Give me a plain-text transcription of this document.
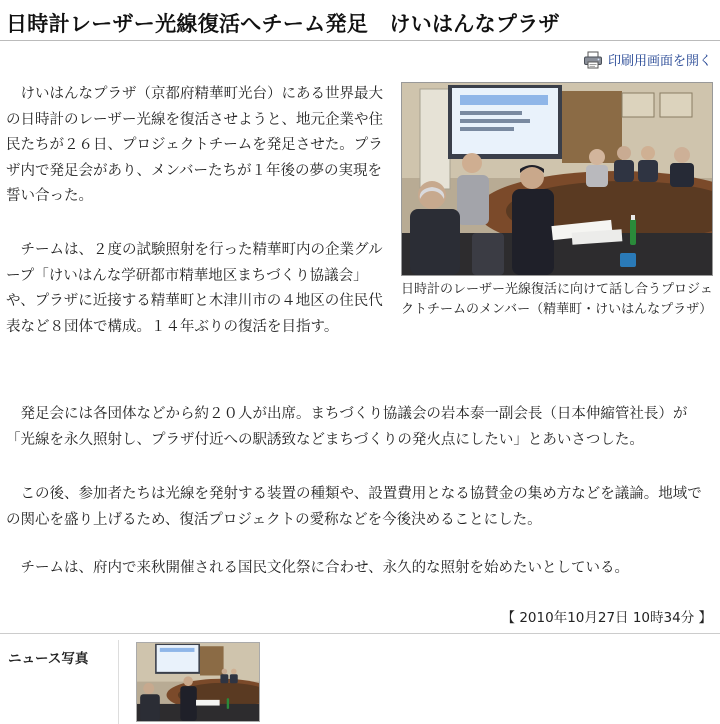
日時計レーザー光線復活へチーム発足　けいはんなプラザ
印刷用画面を開く

けいはんなプラザ（京都府精華町光台）にある世界最大の日時計のレーザー光線を復活させようと、地元企業や住民たちが２６日、プロジェクトチームを発足させた。プラザ内で発足会があり、メンバーたちが１年後の夢の実現を誓い合った。

チームは、２度の試験照射を行った精華町内の企業グループ「けいはんな学研都市精華地区まちづくり協議会」や、プラザに近接する精華町と木津川市の４地区の住民代表など８団体で構成。１４年ぶりの復活を目指す。

日時計のレーザー光線復活に向けて話し合うプロジェクトチームのメンバー（精華町・けいはんなプラザ）

発足会には各団体などから約２０人が出席。まちづくり協議会の岩本泰一副会長（日本伸縮管社長）が「光線を永久照射し、プラザ付近への駅誘致などまちづくりの発火点にしたい」とあいさつした。

この後、参加者たちは光線を発射する装置の種類や、設置費用となる協賛金の集め方などを議論。地域での関心を盛り上げるため、復活プロジェクトの愛称などを今後決めることにした。

チームは、府内で来秋開催される国民文化祭に合わせ、永久的な照射を始めたいとしている。

【 2010年10月27日 10時34分 】
ニュース写真
